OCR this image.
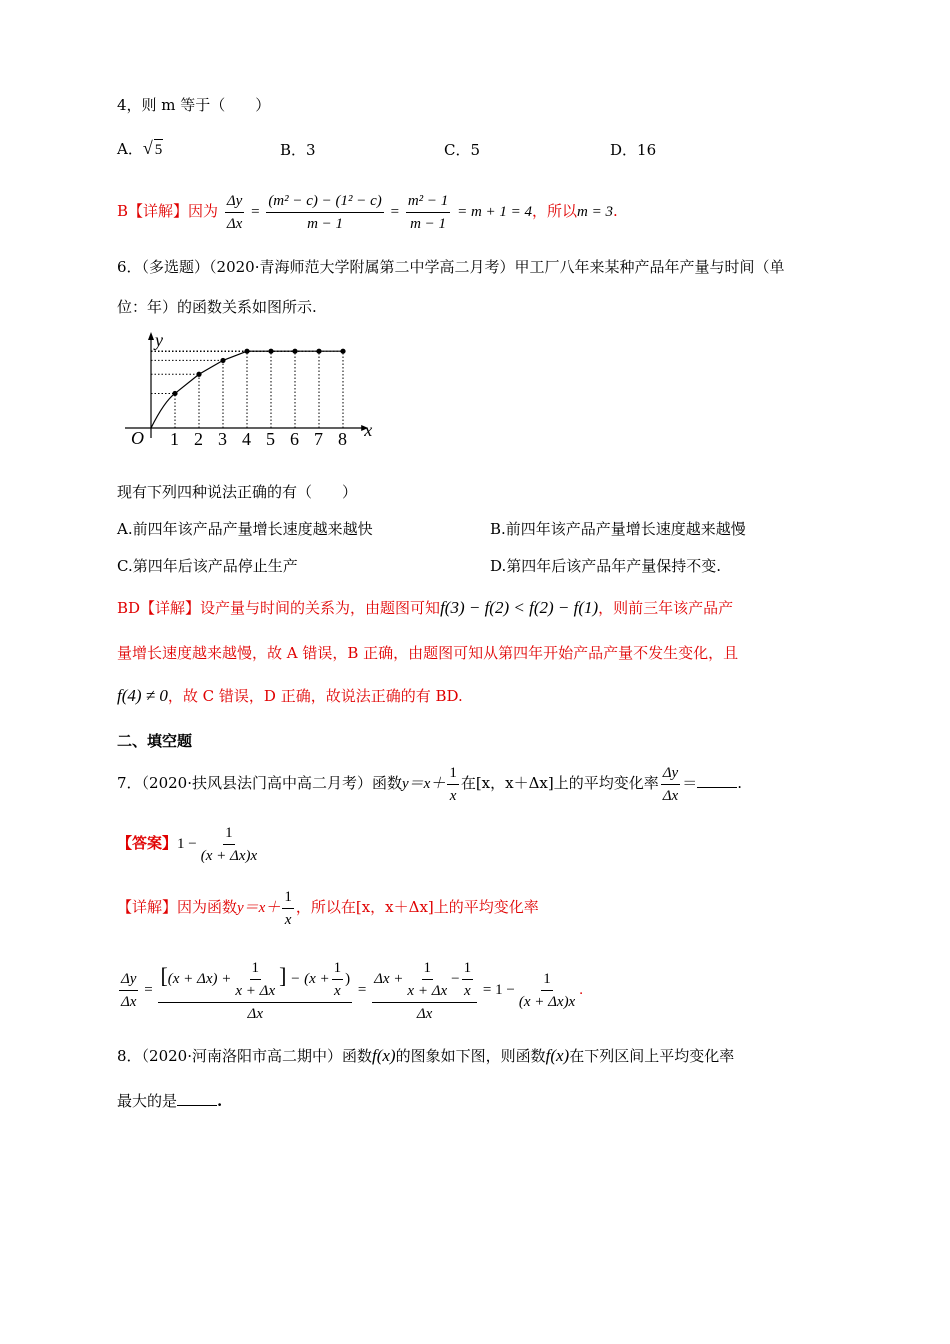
4，则 m 等于（　　）
A．√ 5	B．3	C．5	D．16
B【详解】因为 $\frac{\Delta y}{\Delta x} = \frac{\text{(m² − c) − (1² − c)}}{m - 1} = \frac{\text{m² − 1}}{m - 1} = m + 1 = 4$，所以m = 3.
6．（多选题）（2020·青海师范大学附属第二中学高二月考）甲工厂八年来某种产品年产量与时间（单
位：年）的函数关系如图所示.
y
x
O 1 2 3 4 5 6 7 8
现有下列四种说法正确的有（　　）
A.前四年该产品产量增长速度越来越快	B.前四年该产品产量增长速度越来越慢
C.第四年后该产品停止生产	D.第四年后该产品年产量保持不变.
BD【详解】设产量与时间的关系为，由题图可知f(3) − f(2) < f(2) − f(1)，则前三年该产品产
量增长速度越来越慢，故 A 错误，B 正确，由题图可知从第四年开始产品产量不发生变化，且
f(4) ≠ 0，故 C 错误，D 正确，故说法正确的有 BD.
二、填空题
7．（2020·扶风县法门高中高二月考）函数$y=x+ \frac{1}{x}$ 在[x，x＋Δx]上的平均变化率 $\frac{\Delta y}{\Delta x}$ ＝	.
【答案】$1 - \frac{1}{(x + \Delta x)x}$
【详解】因为函数$y=x+ \frac{1}{x}$ ，所以在[x，x＋Δx]上的平均变化率
$\frac{\Delta y}{\Delta x} = \frac{[(x + \Delta x) + \frac{1}{x + \Delta x} ] - (x + \frac{1}{x} )}{\Delta x} = \frac{\Delta x + \frac{1}{x + \Delta x} - \frac{1}{x}}{\Delta x} = 1 - \frac{1}{(x + \Delta x)x}$ .
8．（2020·河南洛阳市高二期中）函数f(x)的图象如下图，则函数f(x)在下列区间上平均变化率
最大的是	.
